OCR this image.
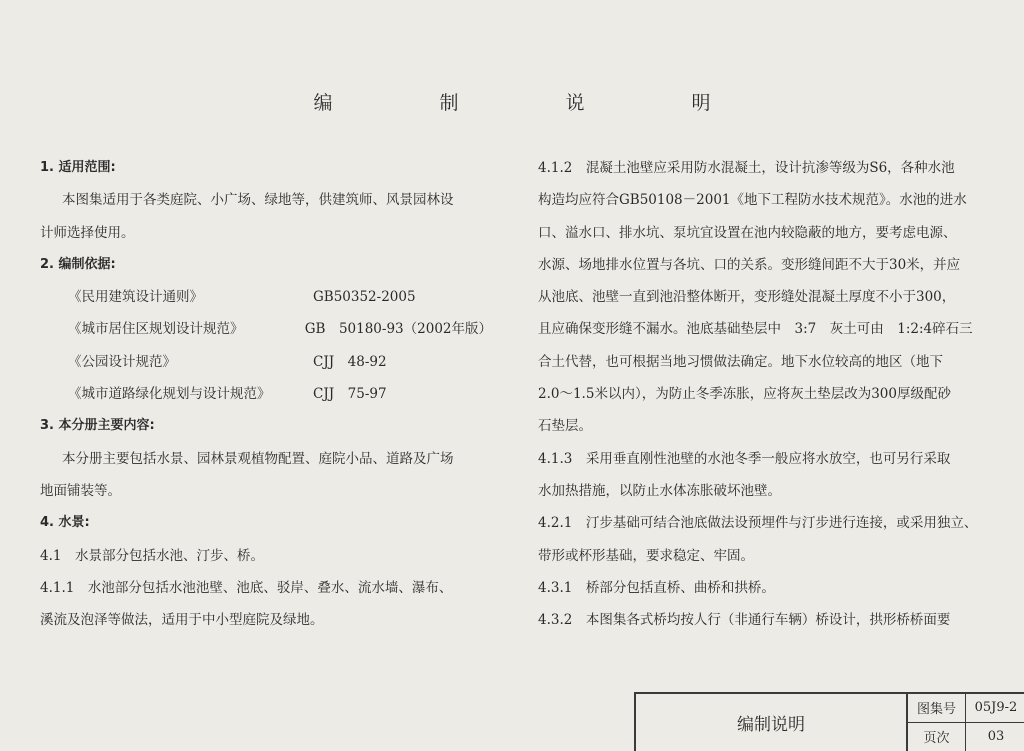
编　制　说　明
1. 适用范围:
本图集适用于各类庭院、小广场、绿地等，供建筑师、风景园林设
计师选择使用。
2. 编制依据:
《民用建筑设计通则》	GB50352-2005
《城市居住区规划设计规范》	GB　50180-93（2002年版）
《公园设计规范》	CJJ　48-92
《城市道路绿化规划与设计规范》	CJJ　75-97
3. 本分册主要内容:
本分册主要包括水景、园林景观植物配置、庭院小品、道路及广场
地面铺装等。
4. 水景:
4.1　水景部分包括水池、汀步、桥。
4.1.1　水池部分包括水池池壁、池底、驳岸、叠水、流水墙、瀑布、
溪流及泡泽等做法，适用于中小型庭院及绿地。
4.1.2　混凝土池壁应采用防水混凝土，设计抗渗等级为S6，各种水池
构造均应符合GB50108－2001《地下工程防水技术规范》。水池的进水
口、溢水口、排水坑、泵坑宜设置在池内较隐蔽的地方，要考虑电源、
水源、场地排水位置与各坑、口的关系。变形缝间距不大于30米，并应
从池底、池壁一直到池沿整体断开，变形缝处混凝土厚度不小于300，
且应确保变形缝不漏水。池底基础垫层中　3:7　灰土可由　1:2:4碎石三
合土代替，也可根据当地习惯做法确定。地下水位较高的地区（地下
2.0～1.5米以内），为防止冬季冻胀，应将灰土垫层改为300厚级配砂
石垫层。
4.1.3　采用垂直刚性池壁的水池冬季一般应将水放空，也可另行采取
水加热措施，以防止水体冻胀破坏池壁。
4.2.1　汀步基础可结合池底做法设预埋件与汀步进行连接，或采用独立、
带形或杯形基础，要求稳定、牢固。
4.3.1　桥部分包括直桥、曲桥和拱桥。
4.3.2　本图集各式桥均按人行（非通行车辆）桥设计，拱形桥桥面要
编制说明
图集号	05J9-2
页次	03
